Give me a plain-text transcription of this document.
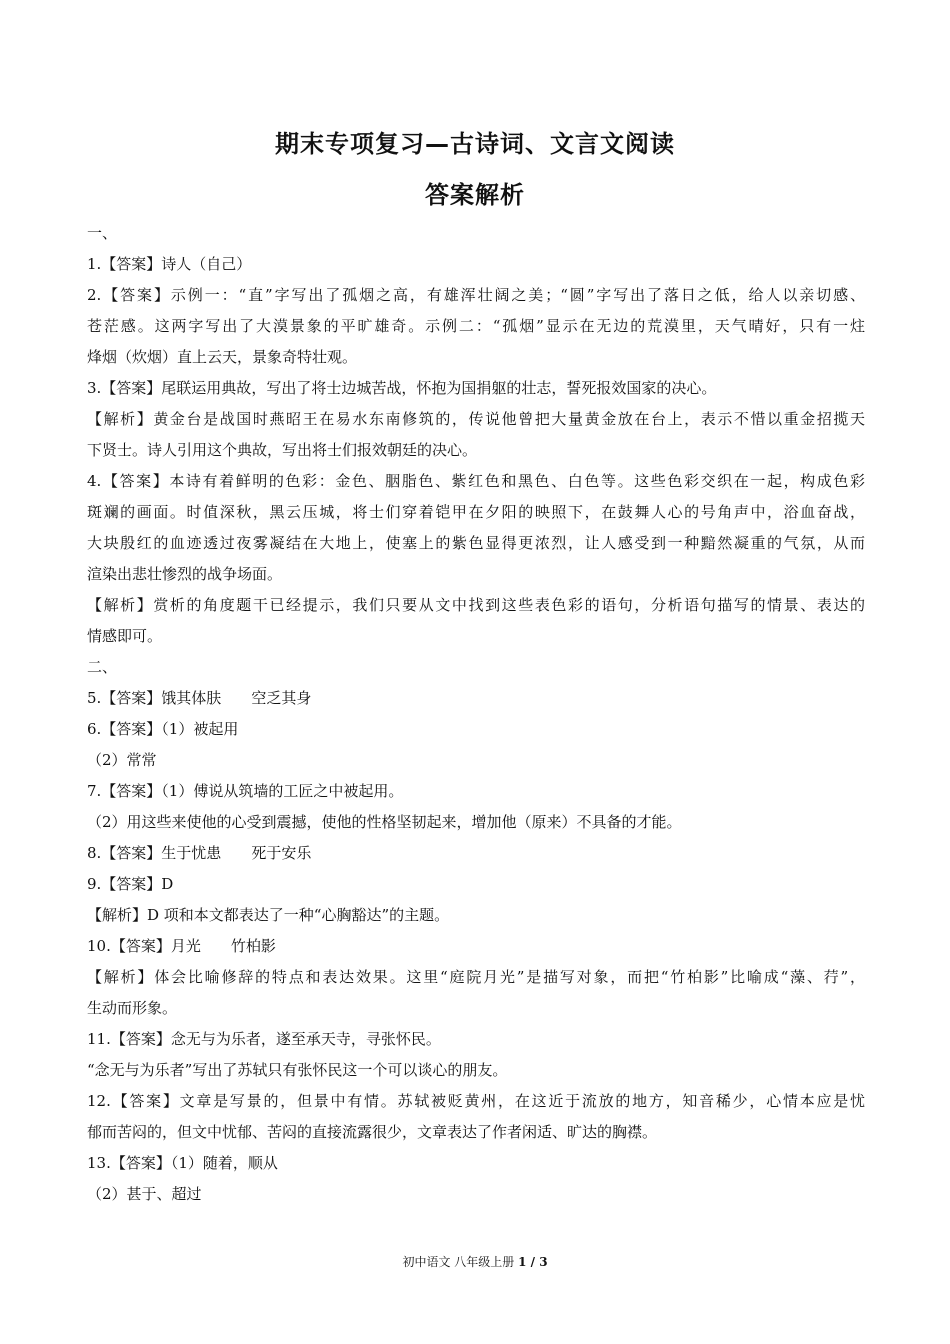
期末专项复习—古诗词、文言文阅读
答案解析
一、
1.【答案】诗人（自己）
2.【答案】示例一：“直”字写出了孤烟之高，有雄浑壮阔之美；“圆”字写出了落日之低，给人以亲切感、
苍茫感。这两字写出了大漠景象的平旷雄奇。示例二：“孤烟”显示在无边的荒漠里，天气晴好，只有一炷
烽烟（炊烟）直上云天，景象奇特壮观。
3.【答案】尾联运用典故，写出了将士边城苦战，怀抱为国捐躯的壮志，誓死报效国家的决心。
【解析】黄金台是战国时燕昭王在易水东南修筑的，传说他曾把大量黄金放在台上，表示不惜以重金招揽天
下贤士。诗人引用这个典故，写出将士们报效朝廷的决心。
4.【答案】本诗有着鲜明的色彩：金色、胭脂色、紫红色和黑色、白色等。这些色彩交织在一起，构成色彩
斑斓的画面。时值深秋，黑云压城，将士们穿着铠甲在夕阳的映照下，在鼓舞人心的号角声中，浴血奋战，
大块殷红的血迹透过夜雾凝结在大地上，使塞上的紫色显得更浓烈，让人感受到一种黯然凝重的气氛，从而
渲染出悲壮惨烈的战争场面。
【解析】赏析的角度题干已经提示，我们只要从文中找到这些表色彩的语句，分析语句描写的情景、表达的
情感即可。
二、
5.【答案】饿其体肤　　空乏其身
6.【答案】（1）被起用
（2）常常
7.【答案】（1）傅说从筑墙的工匠之中被起用。
（2）用这些来使他的心受到震撼，使他的性格坚韧起来，增加他（原来）不具备的才能。
8.【答案】生于忧患　　死于安乐
9.【答案】D
【解析】D 项和本文都表达了一种“心胸豁达”的主题。
10.【答案】月光　　竹柏影
【解析】体会比喻修辞的特点和表达效果。这里“庭院月光”是描写对象，而把“竹柏影”比喻成“藻、荇”，
生动而形象。
11.【答案】念无与为乐者，遂至承天寺，寻张怀民。
“念无与为乐者”写出了苏轼只有张怀民这一个可以谈心的朋友。
12.【答案】文章是写景的，但景中有情。苏轼被贬黄州，在这近于流放的地方，知音稀少，心情本应是忧
郁而苦闷的，但文中忧郁、苦闷的直接流露很少，文章表达了作者闲适、旷达的胸襟。
13.【答案】（1）随着，顺从
（2）甚于、超过
初中语文 八年级上册 1 / 3
